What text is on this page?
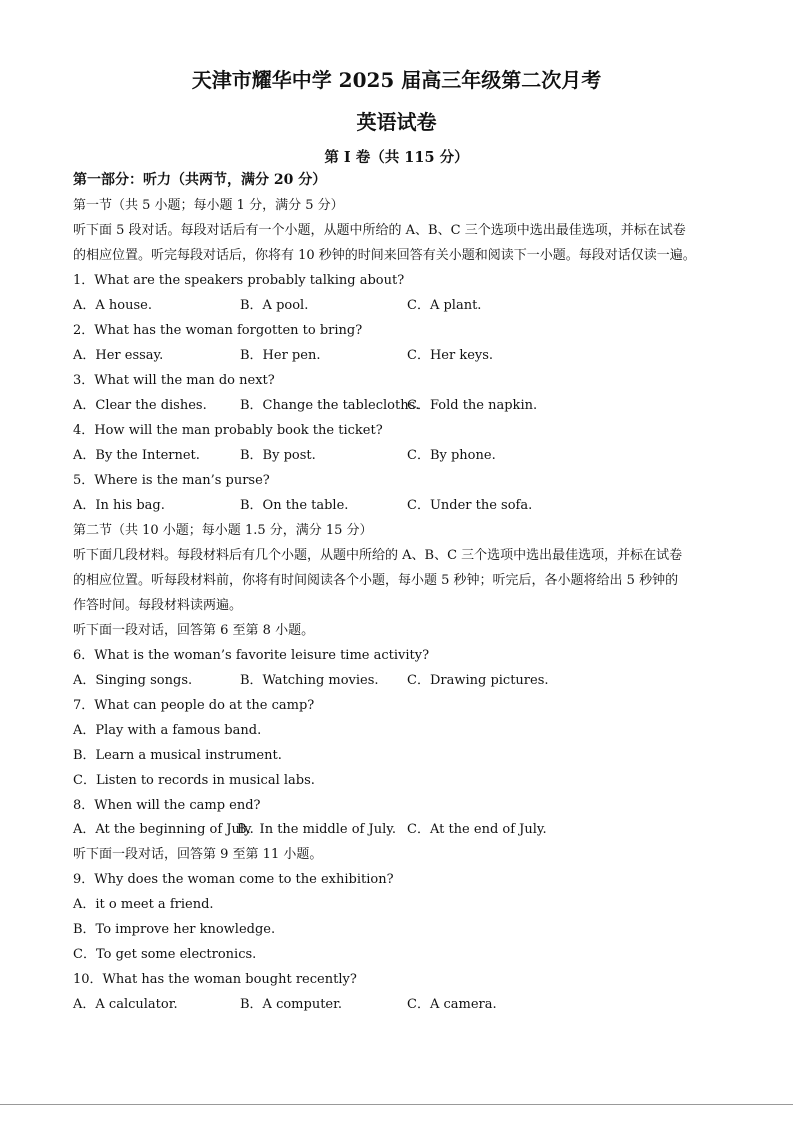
天津市耀华中学 2025 届高三年级第二次月考
英语试卷
第 I 卷（共 115 分）
第一部分：听力（共两节，满分 20 分）
第一节（共 5 小题；每小题 1 分，满分 5 分）
听下面 5 段对话。每段对话后有一个小题，从题中所给的 A、B、C 三个选项中选出最佳选项，并标在试卷
的相应位置。听完每段对话后，你将有 10 秒钟的时间来回答有关小题和阅读下一小题。每段对话仅读一遍。
1．What are the speakers probably talking about?
A．A house.	B．A pool.	C．A plant.
2．What has the woman forgotten to bring?
A．Her essay.	B．Her pen.	C．Her keys.
3．What will the man do next?
A．Clear the dishes.	B．Change the tablecloths.
C．Fold the napkin.
4．How will the man probably book the ticket?
A．By the Internet.	B．By post.	C．By phone.
5．Where is the man’s purse?
A．In his bag.	B．On the table.	C．Under the sofa.
第二节（共 10 小题；每小题 1.5 分，满分 15 分）
听下面几段材料。每段材料后有几个小题，从题中所给的 A、B、C 三个选项中选出最佳选项，并标在试卷
的相应位置。听每段材料前，你将有时间阅读各个小题，每小题 5 秒钟；听完后，各小题将给出 5 秒钟的
作答时间。每段材料读两遍。
听下面一段对话，回答第 6 至第 8 小题。
6．What is the woman’s favorite leisure time activity?
A．Singing songs.	B．Watching movies. C．Drawing pictures.
7．What can people do at the camp?
A．Play with a famous band.
B．Learn a musical instrument.
C．Listen to records in musical labs.
8．When will the camp end?
A．At the beginning of July.
B．In the middle of July. C．At the end of July.
听下面一段对话，回答第 9 至第 11 小题。
9．Why does the woman come to the exhibition?
A．it o meet a friend.
B．To improve her knowledge.
C．To get some electronics.
10．What has the woman bought recently?
A．A calculator.	B．A computer.	C．A camera.
